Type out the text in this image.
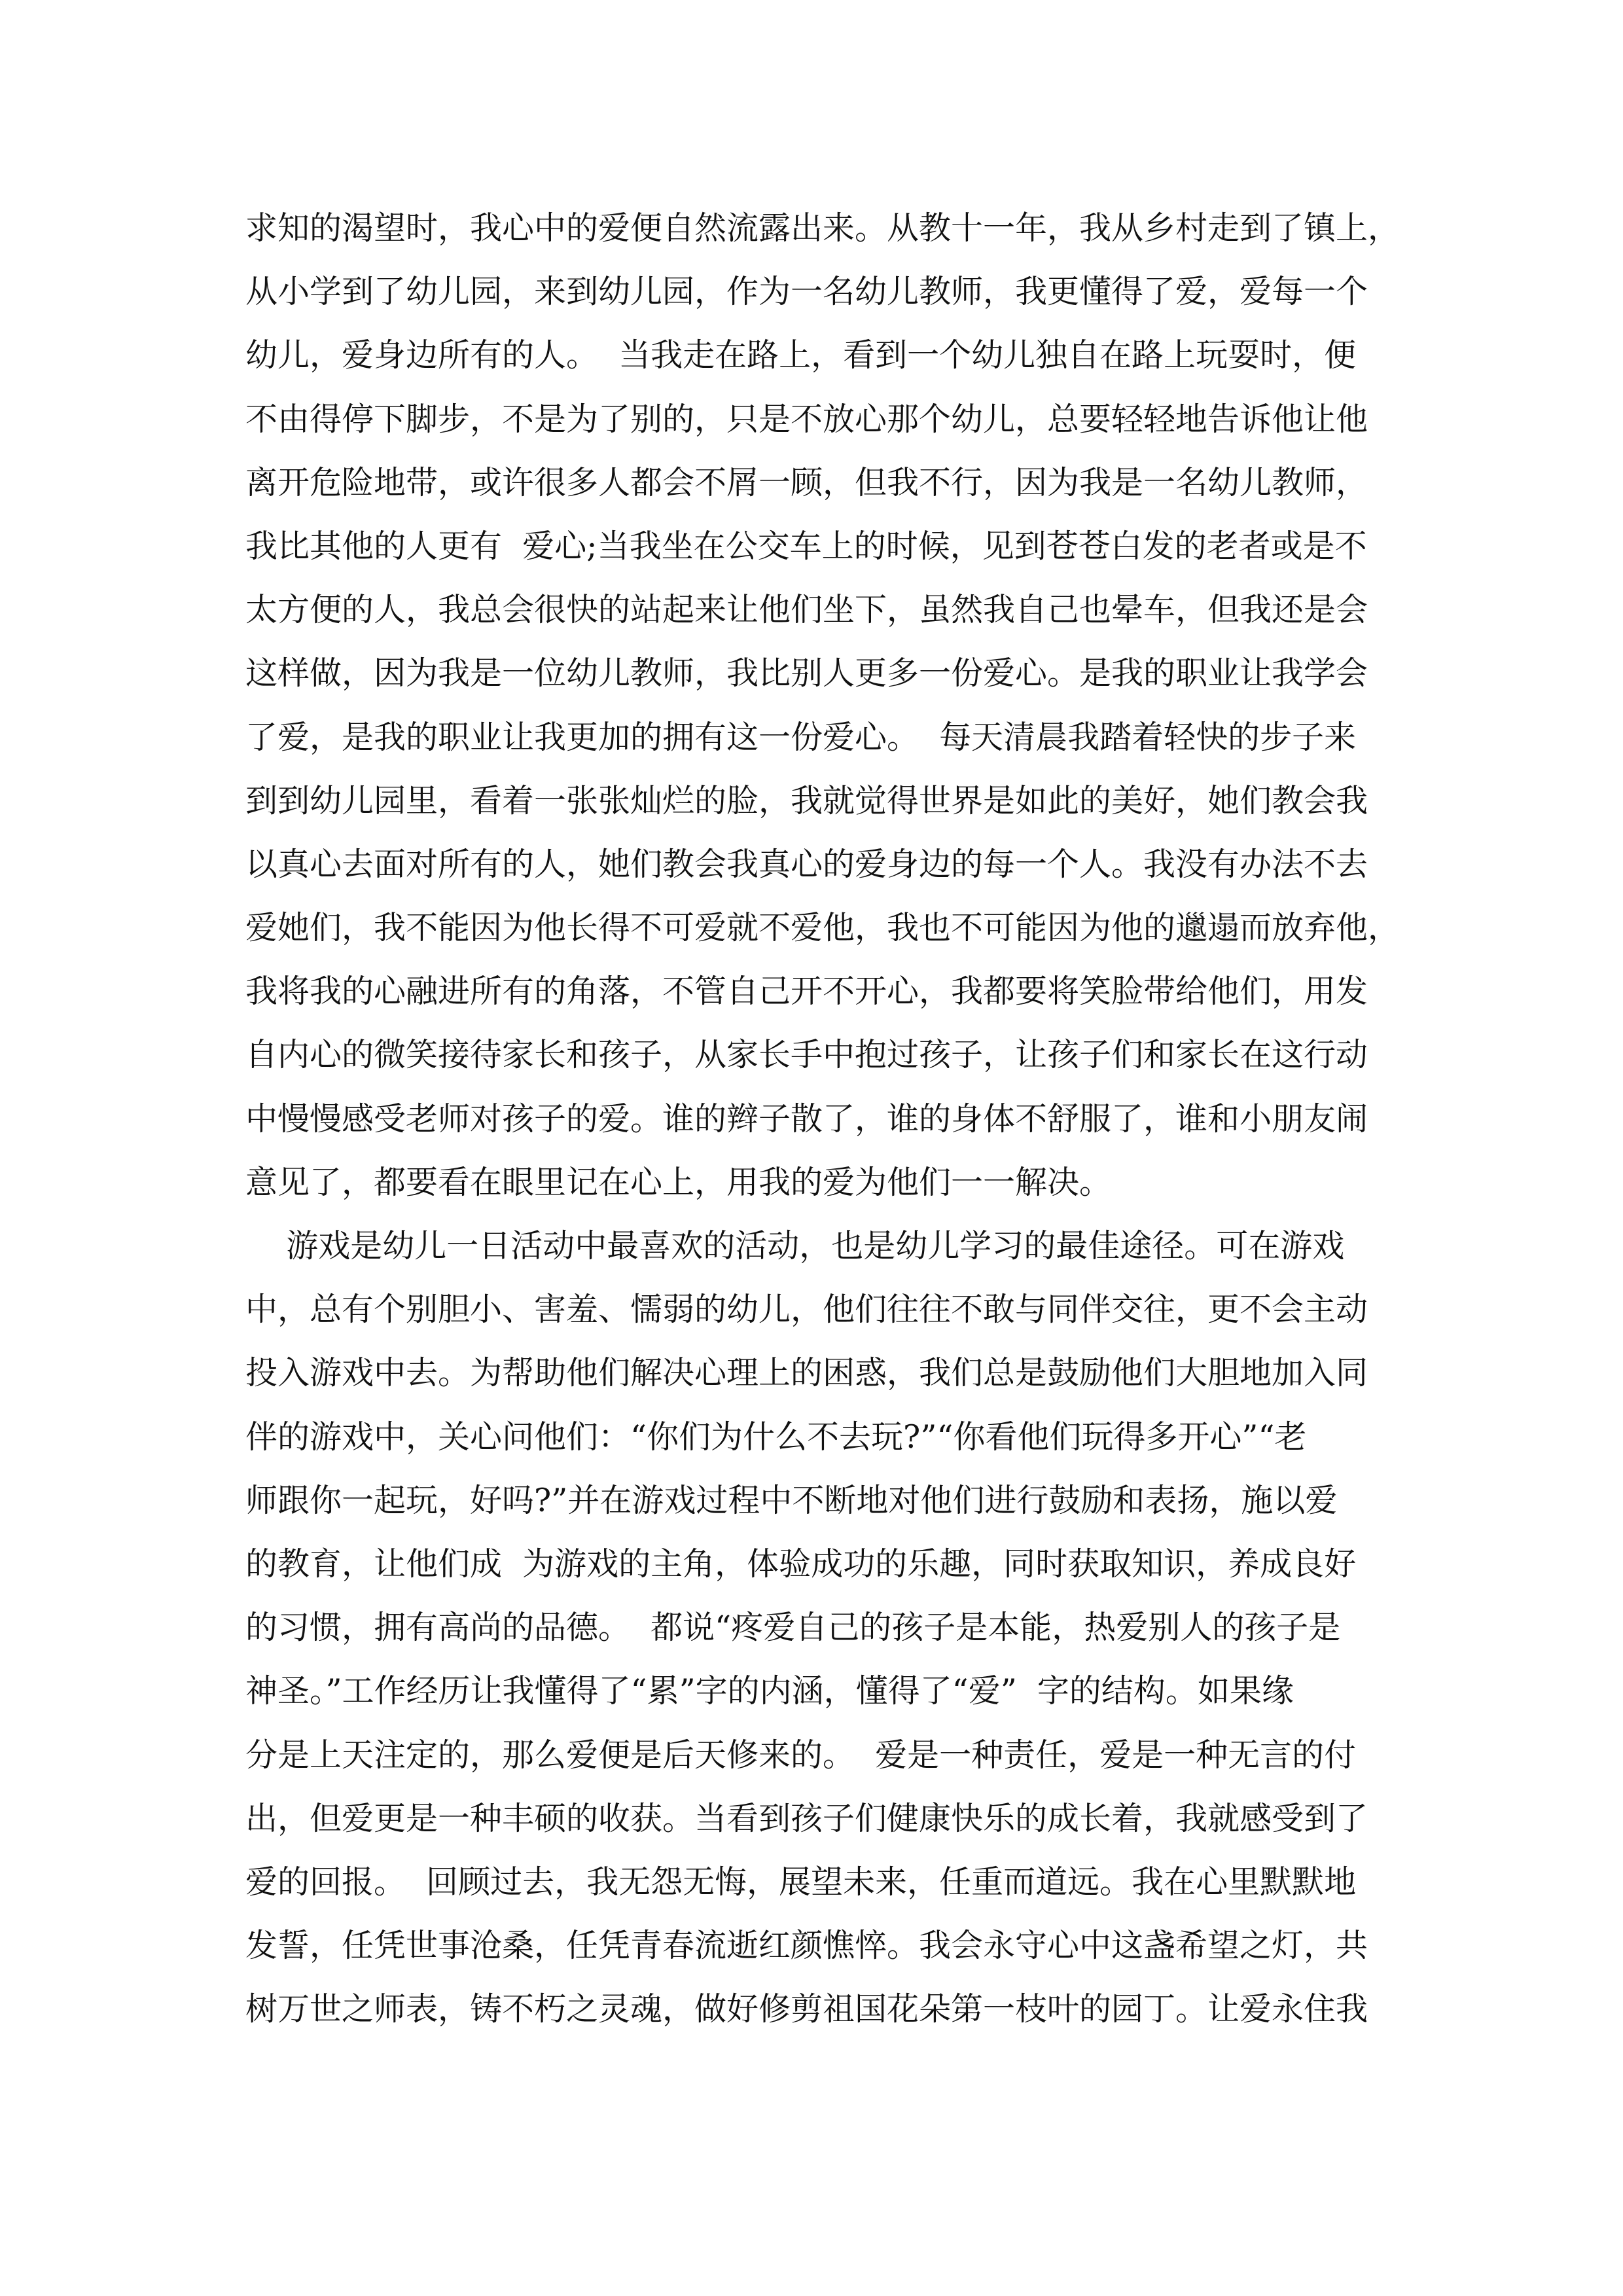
求知的渴望时，我心中的爱便自然流露出来。从教十一年，我从乡村走到了镇上，
从小学到了幼儿园，来到幼儿园，作为一名幼儿教师，我更懂得了爱，爱每一个
幼儿，爱身边所有的人。  当我走在路上，看到一个幼儿独自在路上玩耍时，便
不由得停下脚步，不是为了别的，只是不放心那个幼儿，总要轻轻地告诉他让他
离开危险地带，或许很多人都会不屑一顾，但我不行，因为我是一名幼儿教师，
我比其他的人更有  爱心;当我坐在公交车上的时候，见到苍苍白发的老者或是不
太方便的人，我总会很快的站起来让他们坐下，虽然我自己也晕车，但我还是会
这样做，因为我是一位幼儿教师，我比别人更多一份爱心。是我的职业让我学会
了爱，是我的职业让我更加的拥有这一份爱心。  每天清晨我踏着轻快的步子来
到到幼儿园里，看着一张张灿烂的脸，我就觉得世界是如此的美好，她们教会我
以真心去面对所有的人，她们教会我真心的爱身边的每一个人。我没有办法不去
爱她们，我不能因为他长得不可爱就不爱他，我也不可能因为他的邋遢而放弃他，
我将我的心融进所有的角落，不管自己开不开心，我都要将笑脸带给他们，用发
自内心的微笑接待家长和孩子，从家长手中抱过孩子，让孩子们和家长在这行动
中慢慢感受老师对孩子的爱。谁的辫子散了，谁的身体不舒服了，谁和小朋友闹
意见了，都要看在眼里记在心上，用我的爱为他们一一解决。
游戏是幼儿一日活动中最喜欢的活动，也是幼儿学习的最佳途径。可在游戏
中，总有个别胆小、害羞、懦弱的幼儿，他们往往不敢与同伴交往，更不会主动
投入游戏中去。为帮助他们解决心理上的困惑，我们总是鼓励他们大胆地加入同
伴的游戏中，关心问他们：“你们为什么不去玩?”“你看他们玩得多开心”“老
师跟你一起玩，好吗?”并在游戏过程中不断地对他们进行鼓励和表扬，施以爱
的教育，让他们成  为游戏的主角，体验成功的乐趣，同时获取知识，养成良好
的习惯，拥有高尚的品德。  都说“疼爱自己的孩子是本能，热爱别人的孩子是
神圣。”工作经历让我懂得了“累”字的内涵，懂得了“爱”  字的结构。如果缘
分是上天注定的，那么爱便是后天修来的。  爱是一种责任，爱是一种无言的付
出，但爱更是一种丰硕的收获。当看到孩子们健康快乐的成长着，我就感受到了
爱的回报。  回顾过去，我无怨无悔，展望未来，任重而道远。我在心里默默地
发誓，任凭世事沧桑，任凭青春流逝红颜憔悴。我会永守心中这盏希望之灯，共
树万世之师表，铸不朽之灵魂，做好修剪祖国花朵第一枝叶的园丁。让爱永住我
